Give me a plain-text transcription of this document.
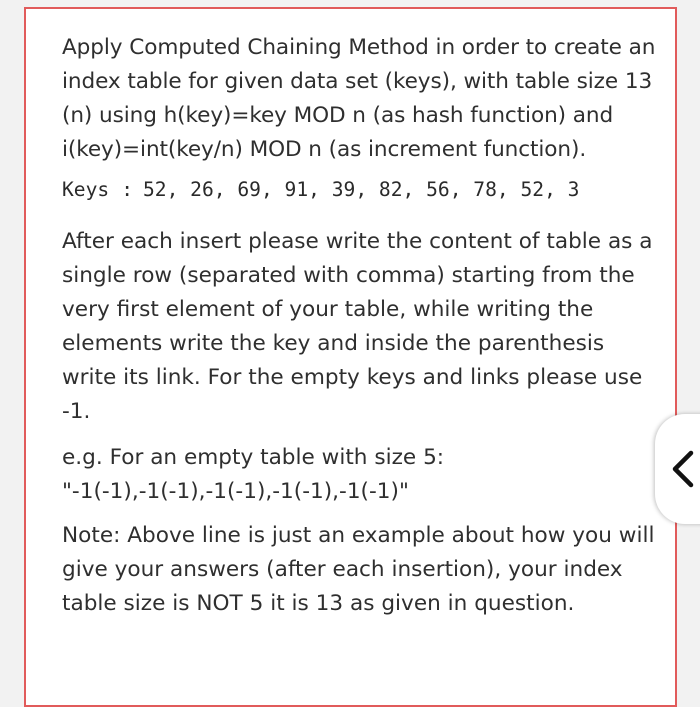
Apply Computed Chaining Method in order to create an index table for given data set (keys), with table size 13 (n) using h(key)=key MOD n (as hash function) and i(key)=int(key/n) MOD n (as increment function).

Keys : 52, 26, 69, 91, 39, 82, 56, 78, 52, 3

After each insert please write the content of table as a single row (separated with comma) starting from the very first element of your table, while writing the elements write the key and inside the parenthesis write its link. For the empty keys and links please use -1.

e.g. For an empty table with size 5:
"-1(-1),-1(-1),-1(-1),-1(-1),-1(-1)"

Note: Above line is just an example about how you will give your answers (after each insertion), your index table size is NOT 5 it is 13 as given in question.
